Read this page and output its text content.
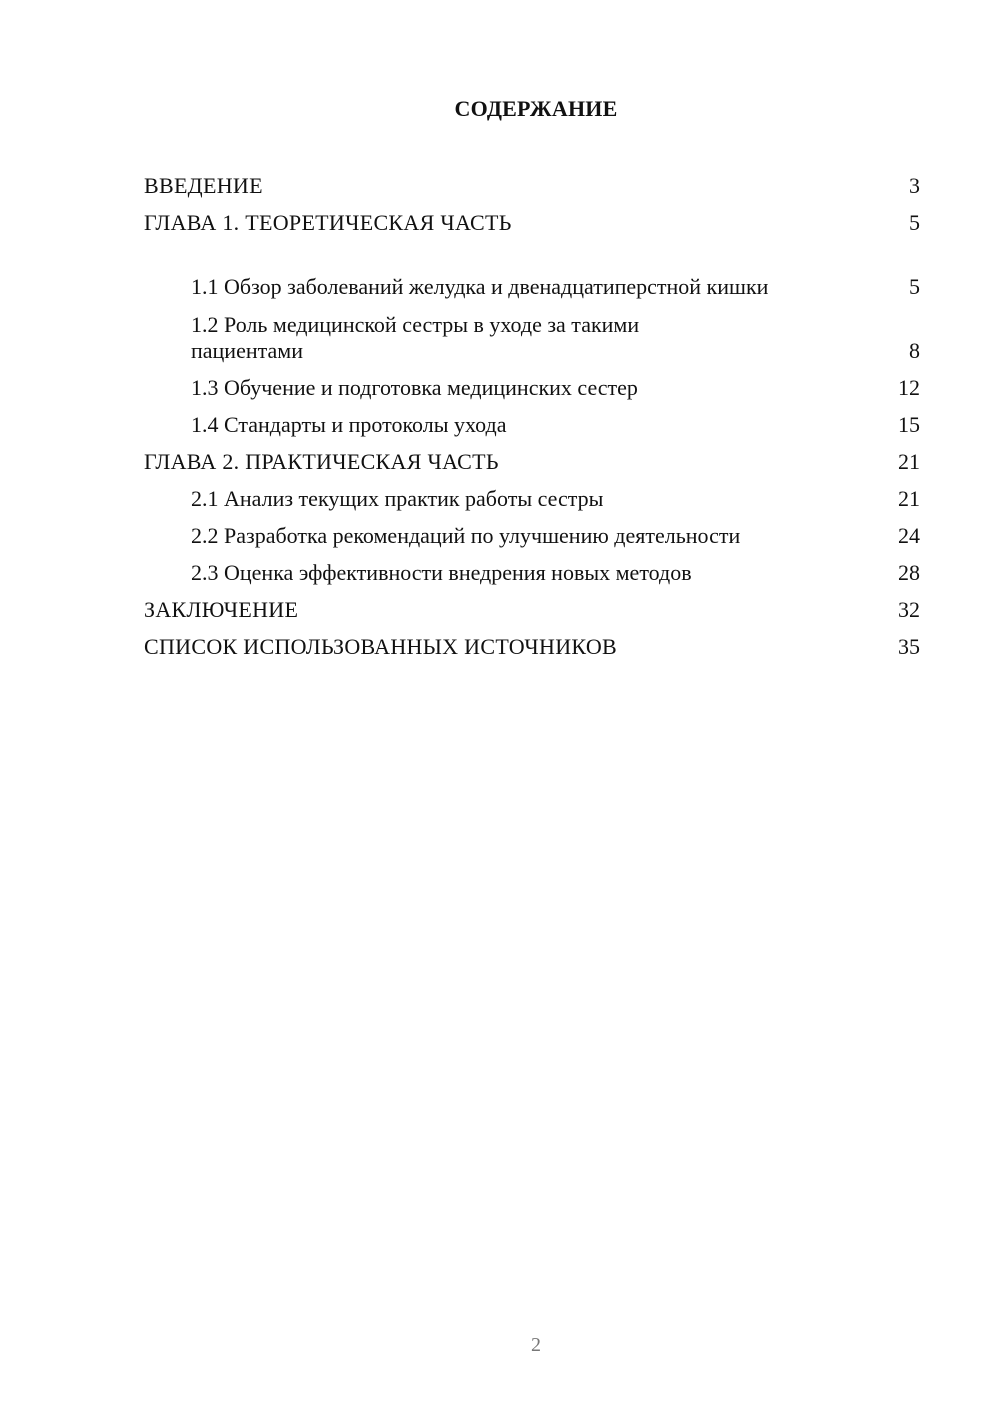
СОДЕРЖАНИЕ
ВВЕДЕНИЕ	3
ГЛАВА 1. ТЕОРЕТИЧЕСКАЯ ЧАСТЬ	5
1.1 Обзор заболеваний желудка и двенадцатиперстной кишки	5
1.2 Роль медицинской сестры в уходе за такими пациентами	8
1.3 Обучение и подготовка медицинских сестер	12
1.4 Стандарты и протоколы ухода	15
ГЛАВА 2. ПРАКТИЧЕСКАЯ ЧАСТЬ	21
2.1 Анализ текущих практик работы сестры	21
2.2 Разработка рекомендаций по улучшению деятельности	24
2.3 Оценка эффективности внедрения новых методов	28
ЗАКЛЮЧЕНИЕ	32
СПИСОК ИСПОЛЬЗОВАННЫХ ИСТОЧНИКОВ	35
2
